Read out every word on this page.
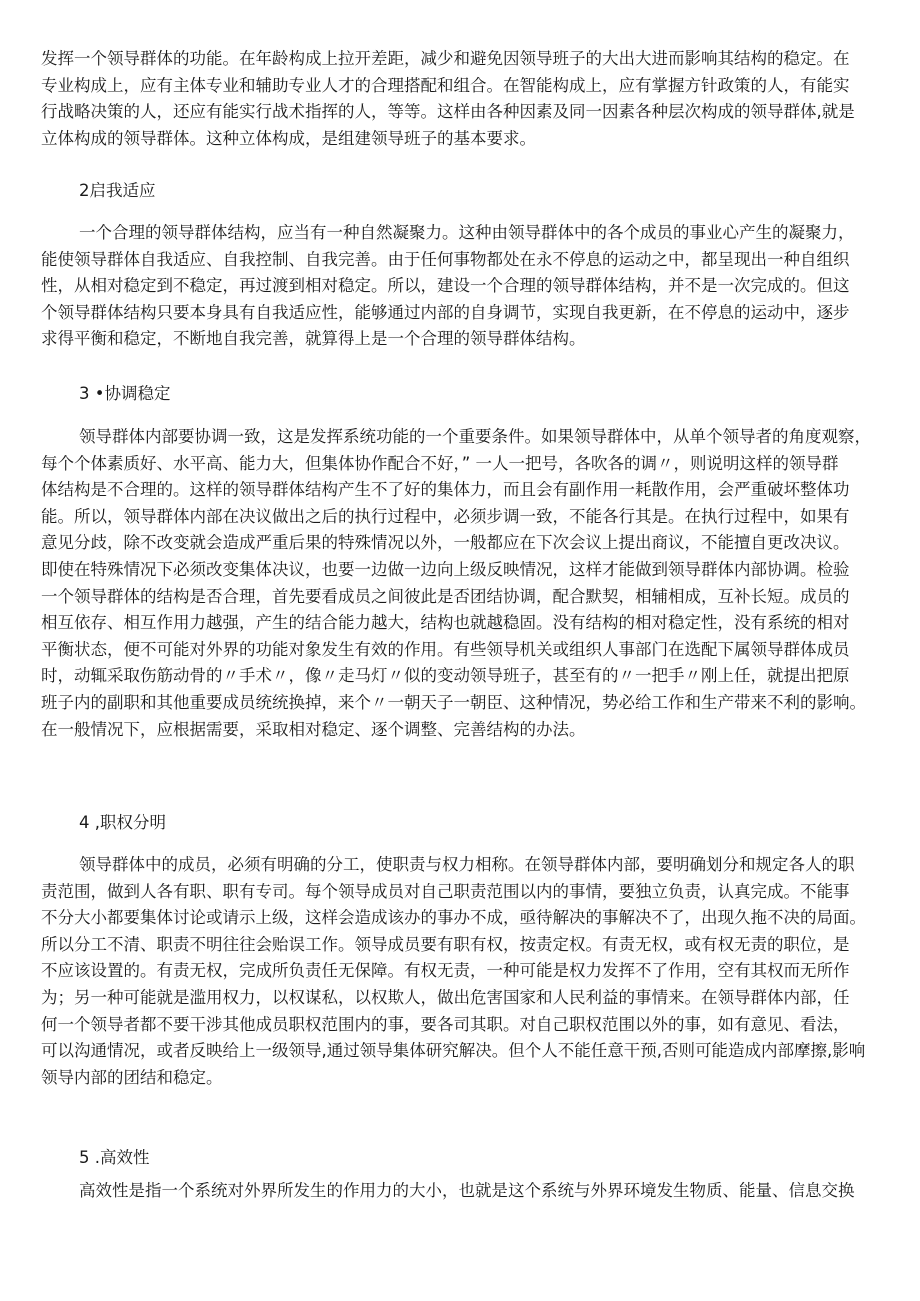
发挥一个领导群体的功能。在年龄构成上拉开差距，减少和避免因领导班子的大出大进而影响其结构的稳定。在
专业构成上，应有主体专业和辅助专业人才的合理搭配和组合。在智能构成上，应有掌握方针政策的人，有能实
行战略决策的人，还应有能实行战术指挥的人，等等。这样由各种因素及同一因素各种层次构成的领导群体,就是
立体构成的领导群体。这种立体构成，是组建领导班子的基本要求。
2启我适应
一个合理的领导群体结构，应当有一种自然凝聚力。这种由领导群体中的各个成员的事业心产生的凝聚力，
能使领导群体自我适应、自我控制、自我完善。由于任何事物都处在永不停息的运动之中，都呈现出一种自组织
性，从相对稳定到不稳定，再过渡到相对稳定。所以，建设一个合理的领导群体结构，并不是一次完成的。但这
个领导群体结构只要本身具有自我适应性，能够通过内部的自身调节，实现自我更新，在不停息的运动中，逐步
求得平衡和稳定，不断地自我完善，就算得上是一个合理的领导群体结构。
3 •协调稳定
领导群体内部要协调一致，这是发挥系统功能的一个重要条件。如果领导群体中，从单个领导者的角度观察，
每个个体素质好、水平高、能力大，但集体协作配合不好，” 一人一把号，各吹各的调〃，则说明这样的领导群
体结构是不合理的。这样的领导群体结构产生不了好的集体力，而且会有副作用一耗散作用，会严重破坏整体功
能。所以，领导群体内部在决议做出之后的执行过程中，必须步调一致，不能各行其是。在执行过程中，如果有
意见分歧，除不改变就会造成严重后果的特殊情况以外，一般都应在下次会议上提出商议，不能擅自更改决议。
即使在特殊情况下必须改变集体决议，也要一边做一边向上级反映情况，这样才能做到领导群体内部协调。检验
一个领导群体的结构是否合理，首先要看成员之间彼此是否团结协调，配合默契，相辅相成，互补长短。成员的
相互依存、相互作用力越强，产生的结合能力越大，结构也就越稳固。没有结构的相对稳定性，没有系统的相对
平衡状态，便不可能对外界的功能对象发生有效的作用。有些领导机关或组织人事部门在选配下属领导群体成员
时，动辄采取伤筋动骨的〃手术〃，像〃走马灯〃似的变动领导班子，甚至有的〃一把手〃刚上任，就提出把原
班子内的副职和其他重要成员统统换掉，来个〃一朝天子一朝臣、这种情况，势必给工作和生产带来不利的影响。
在一般情况下，应根据需要，采取相对稳定、逐个调整、完善结构的办法。
4 ,职权分明
领导群体中的成员，必须有明确的分工，使职责与权力相称。在领导群体内部，要明确划分和规定各人的职
责范围，做到人各有职、职有专司。每个领导成员对自己职责范围以内的事情，要独立负责，认真完成。不能事
不分大小都要集体讨论或请示上级，这样会造成该办的事办不成，亟待解决的事解决不了，出现久拖不决的局面。
所以分工不清、职责不明往往会贻误工作。领导成员要有职有权，按责定权。有责无权，或有权无责的职位，是
不应该设置的。有责无权，完成所负责任无保障。有权无责，一种可能是权力发挥不了作用，空有其权而无所作
为；另一种可能就是滥用权力，以权谋私，以权欺人，做出危害国家和人民利益的事情来。在领导群体内部，任
何一个领导者都不要干涉其他成员职权范围内的事，要各司其职。对自己职权范围以外的事，如有意见、看法，
可以沟通情况，或者反映给上一级领导,通过领导集体研究解决。但个人不能任意干预,否则可能造成内部摩擦,影响
领导内部的团结和稳定。
5 .高效性
高效性是指一个系统对外界所发生的作用力的大小，也就是这个系统与外界环境发生物质、能量、信息交换
